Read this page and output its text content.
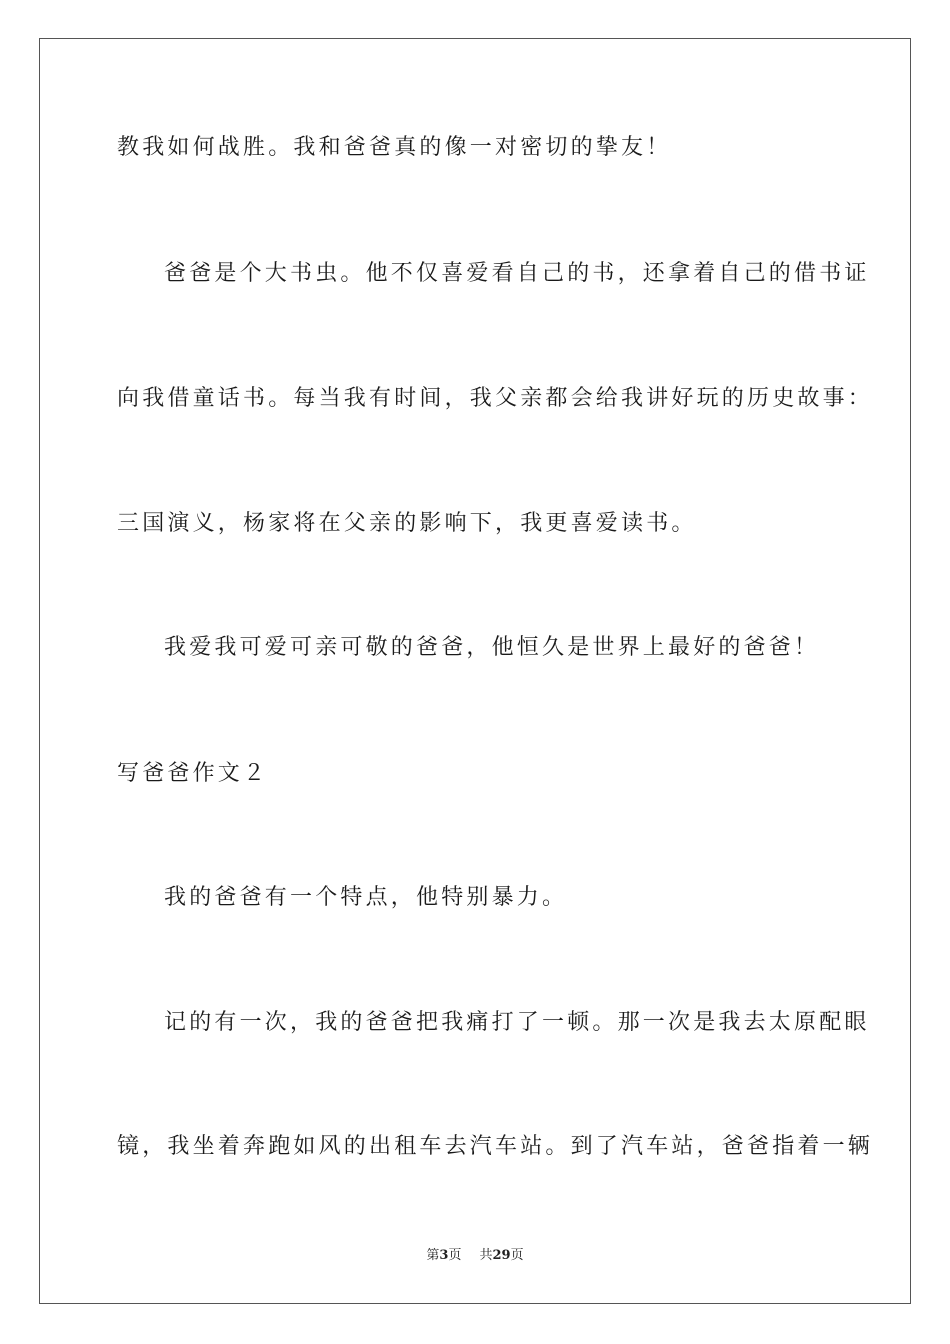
教我如何战胜。我和爸爸真的像一对密切的挚友！
爸爸是个大书虫。他不仅喜爱看自己的书，还拿着自己的借书证
向我借童话书。每当我有时间，我父亲都会给我讲好玩的历史故事：
三国演义，杨家将在父亲的影响下，我更喜爱读书。
我爱我可爱可亲可敬的爸爸，他恒久是世界上最好的爸爸！
写爸爸作文２
我的爸爸有一个特点，他特别暴力。
记的有一次，我的爸爸把我痛打了一顿。那一次是我去太原配眼
镜，我坐着奔跑如风的出租车去汽车站。到了汽车站，爸爸指着一辆
第3页 共29页
